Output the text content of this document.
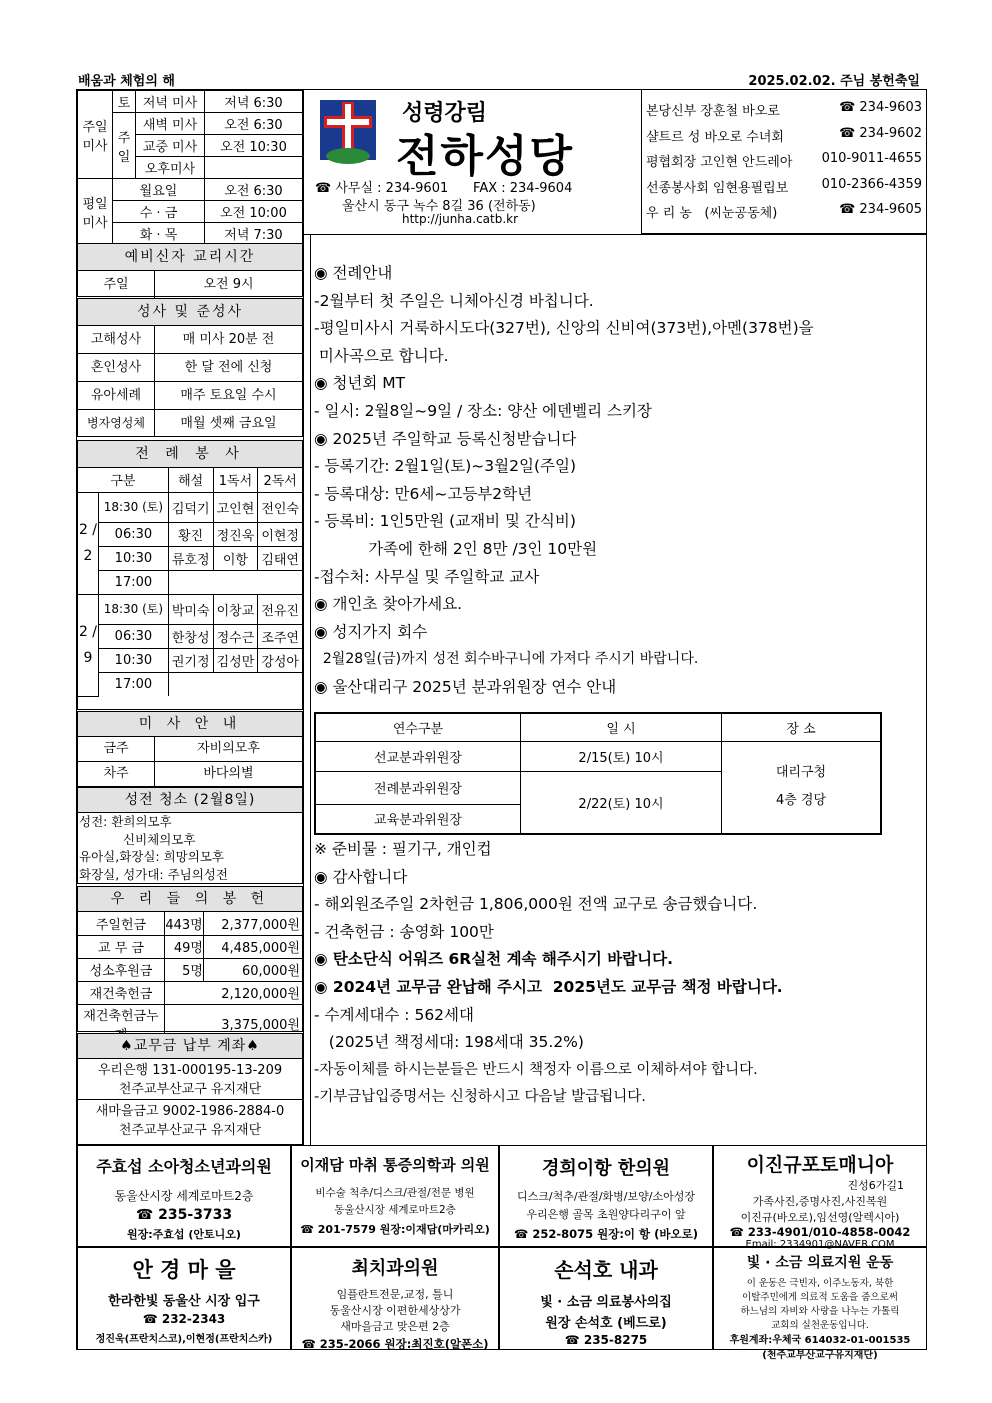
배움과 체험의 해	2025.02.02. 주님 봉헌축일
주일 미사	토	저녁 미사	저녁 6:30
	주 일	새벽 미사	오전 6:30
		교중 미사	오전 10:30
		오후미사	
평일 미사	월요일		오전 6:30
	수 · 금		오전 10:00
	화 · 목		저녁 7:30
성령강림
전하성당
☎ 사무실 : 234-9601 FAX : 234-9604
울산시 동구 녹수 8길 36 (전하동)
http://junha.catb.kr
본당신부 장훈철 바오로	☎ 234-9603
샬트르 성 바오로 수녀회	☎ 234-9602
평협회장 고인현 안드레아 010-9011-4655
선종봉사회 임현용필립보	010-2366-4359
우 리 농   (씨눈공동체)	☎ 234-9605
예비신자 교리시간
주일	오전 9시
성사 및 준성사
고해성사	매 미사 20분 전
혼인성사	한 달 전에 신청
유아세례	매주 토요일 수시
병자영성체	매월 셋째 금요일
전 례 봉 사
구분		해설	1독서	2독서
2 / 2	18:30 (토)	김덕기	고인현	전인숙
	06:30	황진	정진욱	이현정
	10:30	류호정	이항	김태연
	17:00			
2 / 9	18:30 (토)	박미숙	이창교	전유진
	06:30	한창성	정수근	조주연
	10:30	권기정	김성만	강성아
	17:00			
미 사 안 내
금주	자비의모후
차주	바다의별
성전 청소 (2월8일)
성전: 환희의모후
신비체의모후
유아실,화장실: 희망의모후
화장실, 성가대: 주님의성전
우 리 들 의 봉 헌
주일헌금	443명	2,377,000원
교 무 금	49명	4,485,000원
성소후원금	5명	60,000원
재건축헌금	2,120,000원	
재건축헌금누	3,375,000원	
♠교무금 납부 계좌♠
우리은행 131-000195-13-209
천주교부산교구 유지재단
새마을금고 9002-1986-2884-0
천주교부산교구 유지재단
◉ 전례안내
-2월부터 첫 주일은 니체아신경 바칩니다.
-평일미사시 거룩하시도다(327번), 신앙의 신비여(373번),아멘(378번)을
미사곡으로 합니다.
◉ 청년회 MT
- 일시: 2월8일~9일 / 장소: 양산 에덴벨리 스키장
◉ 2025년 주일학교 등록신청받습니다
- 등록기간: 2월1일(토)~3월2일(주일)
- 등록대상: 만6세~고등부2학년
- 등록비: 1인5만원 (교재비 및 간식비)
가족에 한해 2인 8만 /3인 10만원
-접수처: 사무실 및 주일학교 교사
◉ 개인초 찾아가세요.
◉ 성지가지 회수
2월28일(금)까지 성전 회수바구니에 가져다 주시기 바랍니다.
◉ 울산대리구 2025년 분과위원장 연수 안내
연수구분	일 시	장 소
선교분과위원장	2/15(토) 10시	대리구청
4층 경당

전례분과위원장	2/22(토) 10시	
교육분과위원장		
※ 준비물 : 필기구, 개인컵
◉ 감사합니다
- 해외원조주일 2차헌금 1,806,000원 전액 교구로 송금했습니다.
- 건축헌금 : 송영화 100만
◉ 탄소단식 어워즈 6R실천 계속 해주시기 바랍니다.
◉ 2024년 교무금 완납해 주시고  2025년도 교무금 책정 바랍니다.
- 수계세대수 : 562세대
(2025년 책정세대: 198세대 35.2%)
-자동이체를 하시는분들은 반드시 책정자 이름으로 이체하셔야 합니다.
-기부금납입증명서는 신청하시고 다음날 발급됩니다.
주효섭 소아청소년과의원
동울산시장 세계로마트2층
☎ 235-3733
원장:주효섭 (안토니오)
이재담 마취 통증의학과 의원
비수술 척추/디스크/관절/전문 병원
동울산시장 세계로마트2층
☎ 201-7579 원장:이재담(마카리오)
경희이항 한의원
디스크/척추/관절/화병/보양/소아성장
우리은행 골목 초원양다리구이 앞
☎ 252-8075 원장:이 항 (바오로)
이진규포토매니아
진성6가길1
가족사진,증명사진,사진복원
이진규(바오로),임선영(알렉시아)
☎ 233-4901/010-4858-0042
Email: 2334901@NAVER.COM
안 경 마 을
한라한빛 동울산 시장 입구
☎ 232-2343
정진욱(프란치스코),이현정(프란치스카)
최치과의원
임플란트전문,교정, 틀니
동울산시장 이편한세상상가
새마을금고 맞은편 2층
☎ 235-2066 원장:최진호(알폰소)
손석호 내과
빛 · 소금 의료봉사의집
원장 손석호 (베드로)
☎ 235-8275
빛 · 소금 의료지원 운동
이 운동은 극빈자, 이주노동자, 북한
이탈주민에게 의료적 도움을 줌으로써
하느님의 자비와 사랑을 나누는 가톨릭
교회의 실천운동입니다.
후원계좌:우체국 614032-01-001535
(천주교부산교구유지재단)
